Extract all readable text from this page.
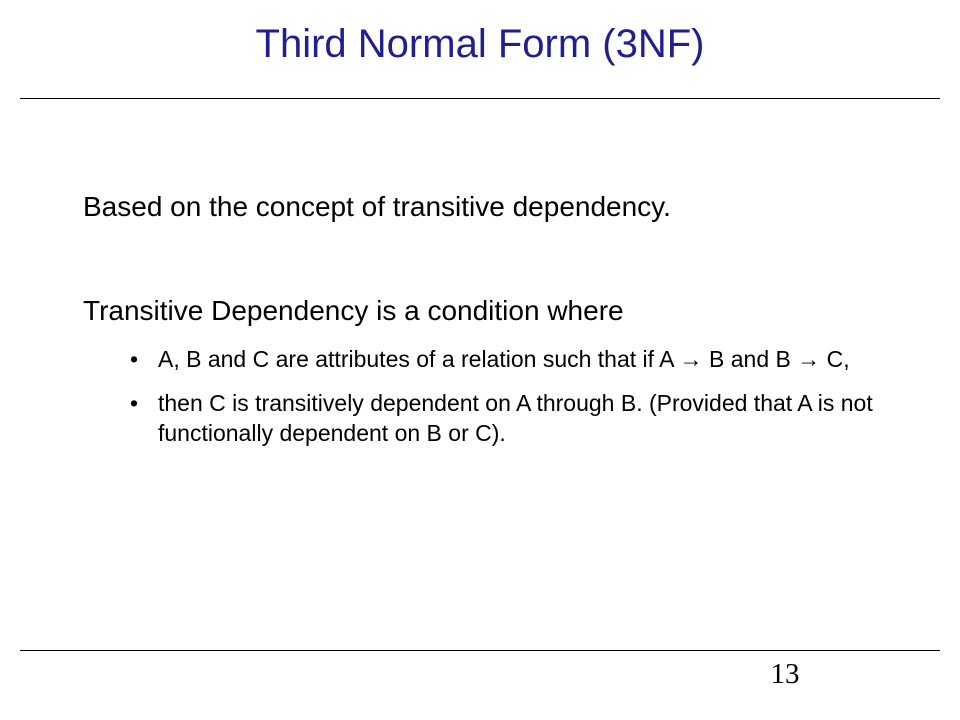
Third Normal Form (3NF)
Based on the concept of transitive dependency.
Transitive Dependency is a condition where
• A, B and C are attributes of a relation such that if A → B and B → C,
• then C is transitively dependent on A through B. (Provided that A is not functionally dependent on B or C).
13
